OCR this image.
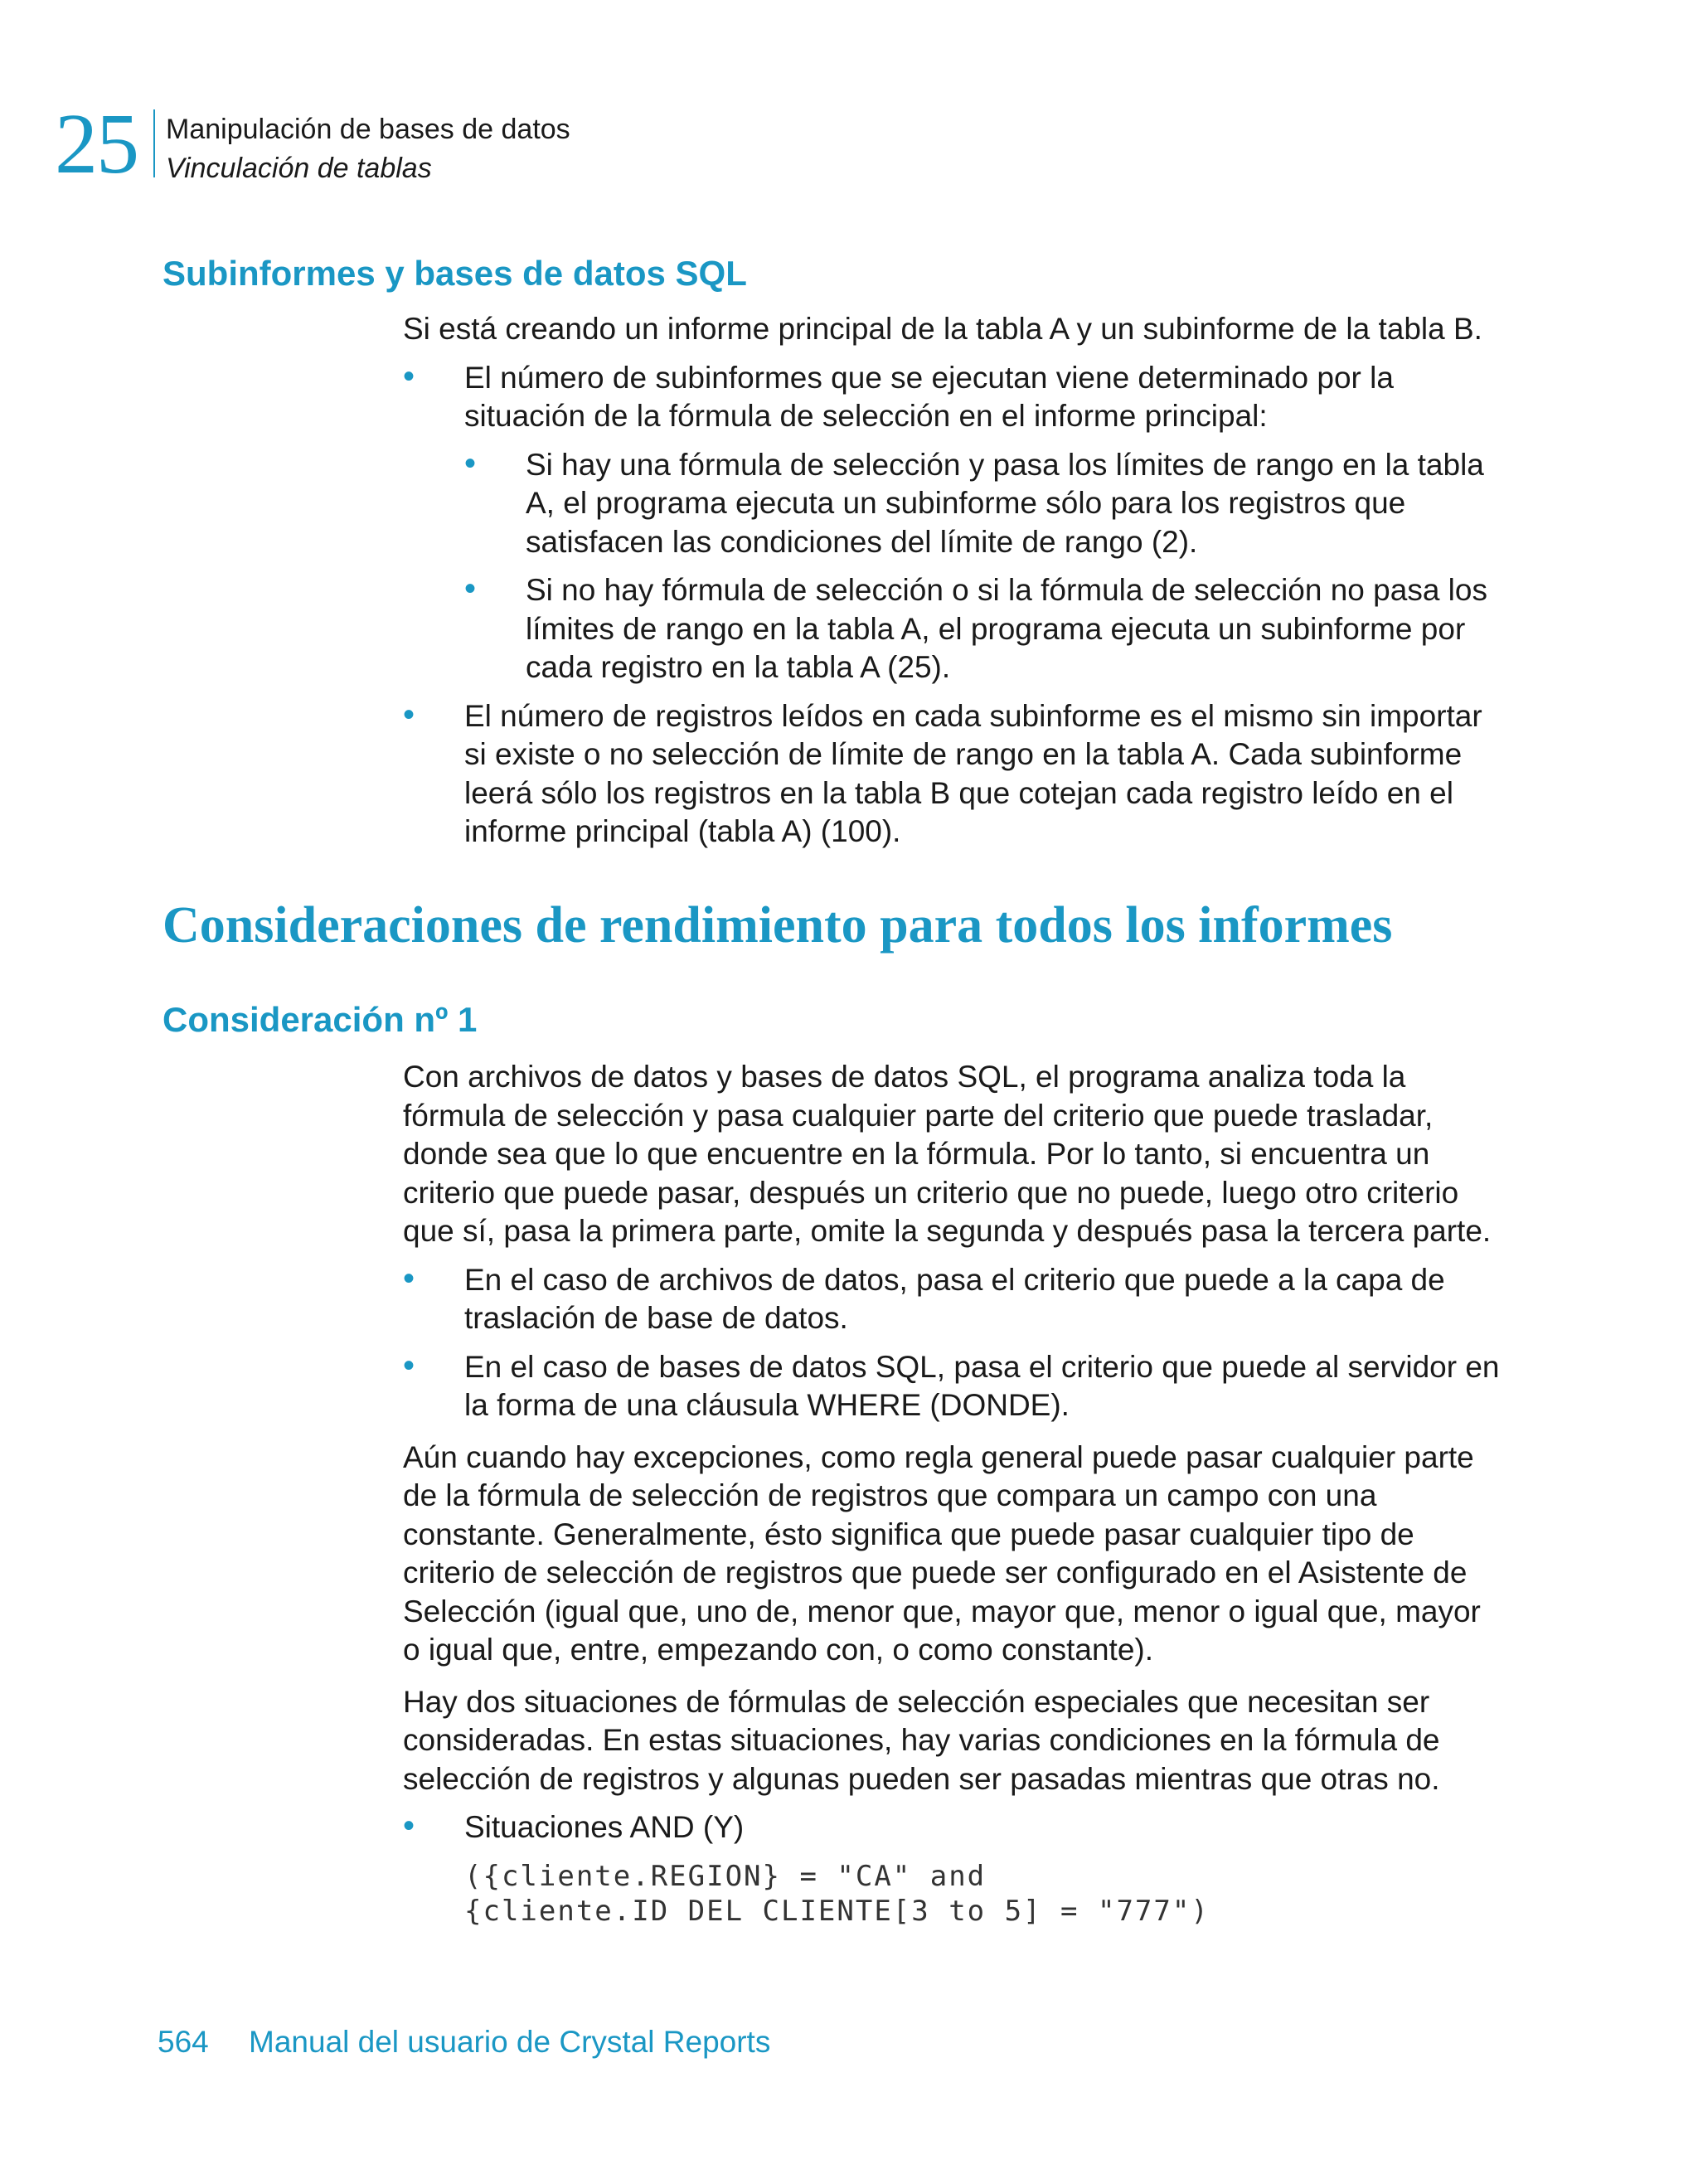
25 Manipulación de bases de datos
Vinculación de tablas
Subinformes y bases de datos SQL

Si está creando un informe principal de la tabla A y un subinforme de la tabla B.

• El número de subinformes que se ejecutan viene determinado por la situación de la fórmula de selección en el informe principal:
• Si hay una fórmula de selección y pasa los límites de rango en la tabla A, el programa ejecuta un subinforme sólo para los registros que satisfacen las condiciones del límite de rango (2).
• Si no hay fórmula de selección o si la fórmula de selección no pasa los límites de rango en la tabla A, el programa ejecuta un subinforme por cada registro en la tabla A (25).
• El número de registros leídos en cada subinforme es el mismo sin importar si existe o no selección de límite de rango en la tabla A. Cada subinforme leerá sólo los registros en la tabla B que cotejan cada registro leído en el informe principal (tabla A) (100).
Consideraciones de rendimiento para todos los informes
Consideración nº 1

Con archivos de datos y bases de datos SQL, el programa analiza toda la fórmula de selección y pasa cualquier parte del criterio que puede trasladar, donde sea que lo que encuentre en la fórmula. Por lo tanto, si encuentra un criterio que puede pasar, después un criterio que no puede, luego otro criterio que sí, pasa la primera parte, omite la segunda y después pasa la tercera parte.

• En el caso de archivos de datos, pasa el criterio que puede a la capa de traslación de base de datos.
• En el caso de bases de datos SQL, pasa el criterio que puede al servidor en la forma de una cláusula WHERE (DONDE).

Aún cuando hay excepciones, como regla general puede pasar cualquier parte de la fórmula de selección de registros que compara un campo con una constante. Generalmente, ésto significa que puede pasar cualquier tipo de criterio de selección de registros que puede ser configurado en el Asistente de Selección (igual que, uno de, menor que, mayor que, menor o igual que, mayor o igual que, entre, empezando con, o como constante).

Hay dos situaciones de fórmulas de selección especiales que necesitan ser consideradas. En estas situaciones, hay varias condiciones en la fórmula de selección de registros y algunas pueden ser pasadas mientras que otras no.

• Situaciones AND (Y)
({cliente.REGION} = "CA" and
{cliente.ID DEL CLIENTE[3 to 5] = "777")
564 Manual del usuario de Crystal Reports
